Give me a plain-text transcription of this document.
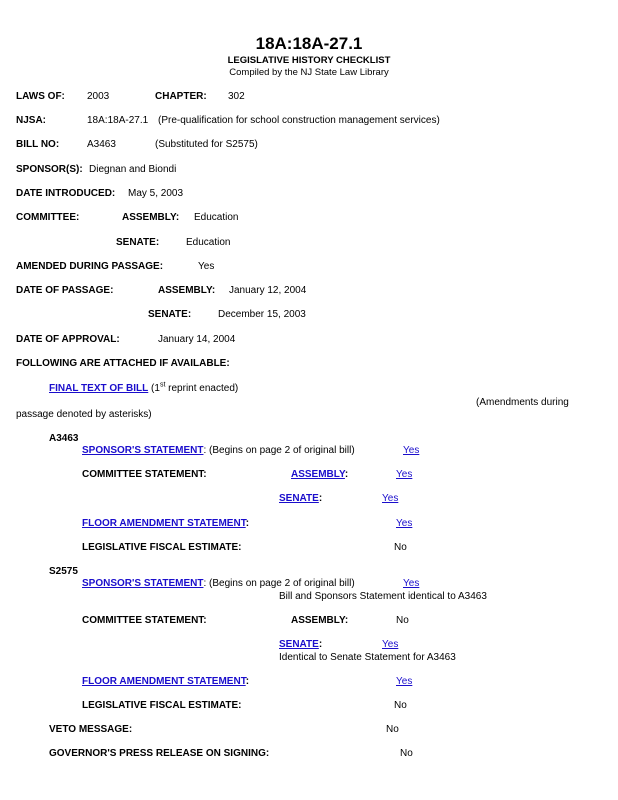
18A:18A-27.1
LEGISLATIVE HISTORY CHECKLIST
Compiled by the NJ State Law Library
LAWS OF: 2003	CHAPTER: 302
NJSA:	18A:18A-27.1 (Pre-qualification for school construction management services)
BILL NO:	A3463	(Substituted for S2575)
SPONSOR(S): Diegnan and Biondi
DATE INTRODUCED: May 5, 2003
COMMITTEE:	ASSEMBLY: Education
SENATE:	Education
AMENDED DURING PASSAGE:	Yes
DATE OF PASSAGE:	ASSEMBLY: January 12, 2004
SENATE:	December 15, 2003
DATE OF APPROVAL:	January 14, 2004
FOLLOWING ARE ATTACHED IF AVAILABLE:
FINAL TEXT OF BILL (1st reprint enacted)
(Amendments during
passage denoted by asterisks)
A3463
SPONSOR'S STATEMENT: (Begins on page 2 of original bill)	Yes
COMMITTEE STATEMENT:	ASSEMBLY:	Yes
SENATE:	Yes
FLOOR AMENDMENT STATEMENT:	Yes
LEGISLATIVE FISCAL ESTIMATE:	No
S2575
SPONSOR'S STATEMENT: (Begins on page 2 of original bill)	Yes
Bill and Sponsors Statement identical to A3463
COMMITTEE STATEMENT:	ASSEMBLY:	No
SENATE:	Yes
Identical to Senate Statement for A3463
FLOOR AMENDMENT STATEMENT:	Yes
LEGISLATIVE FISCAL ESTIMATE:	No
VETO MESSAGE:	No
GOVERNOR'S PRESS RELEASE ON SIGNING:	No
